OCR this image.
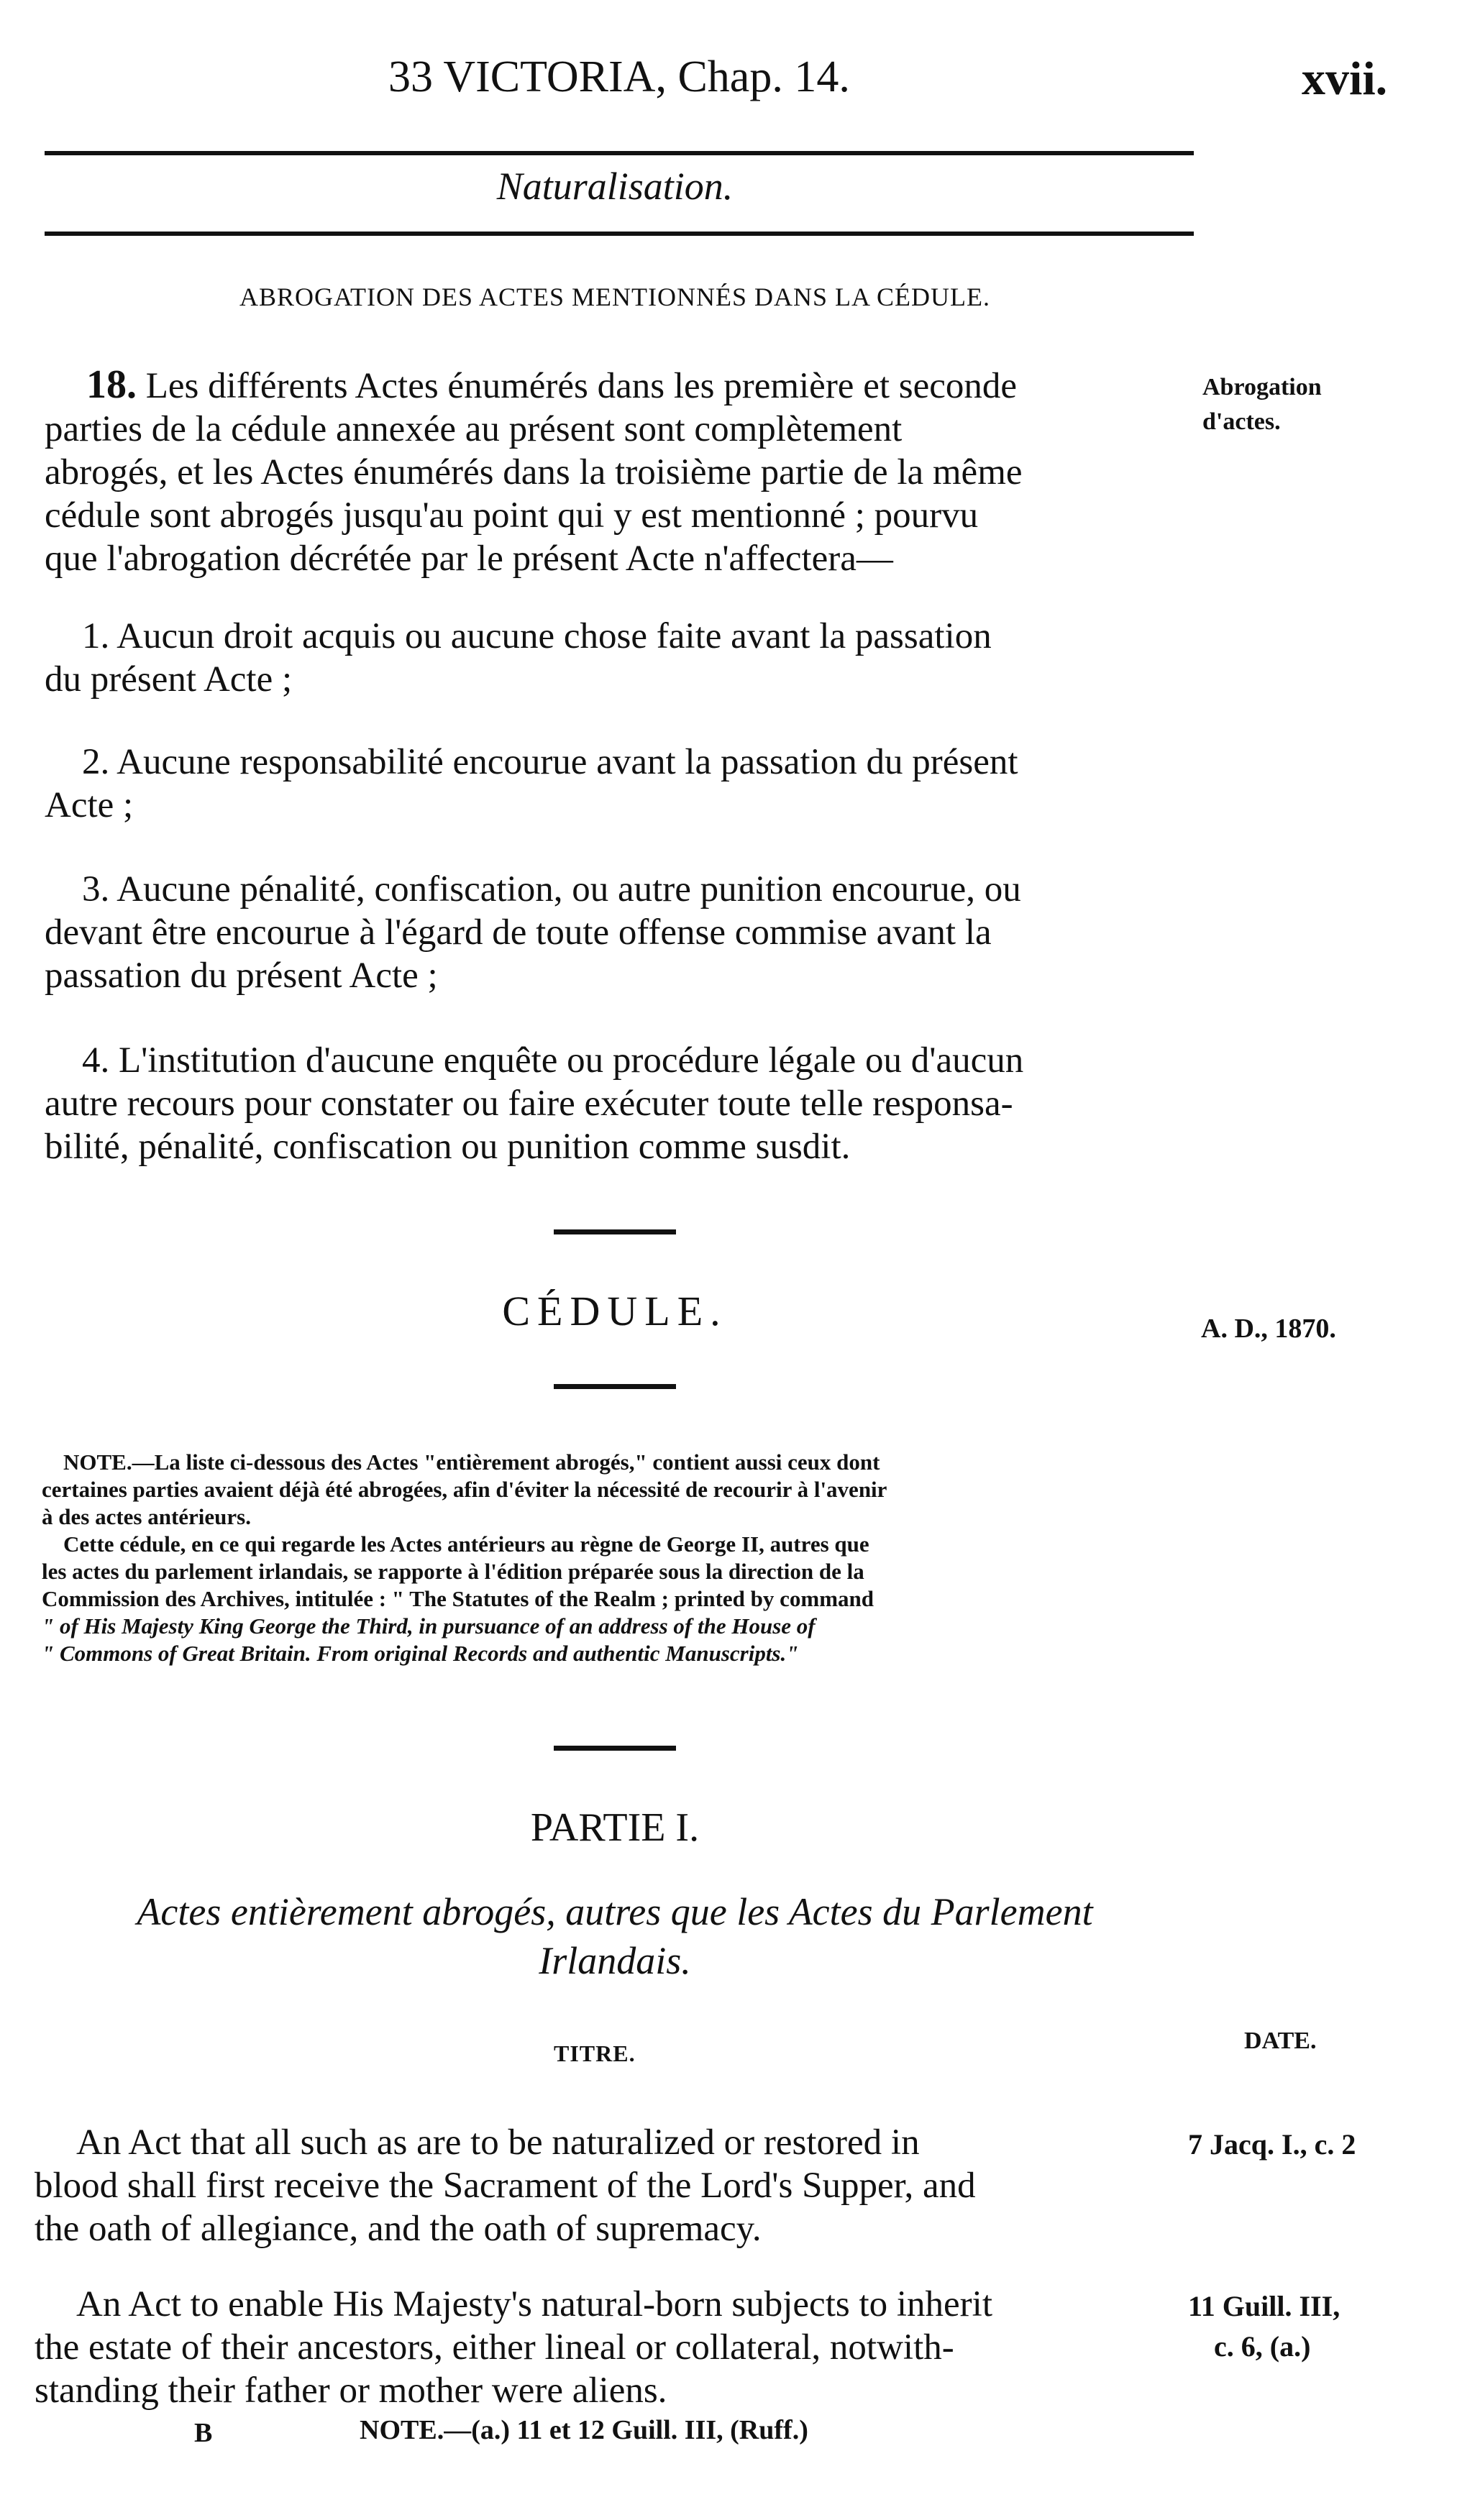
33 VICTORIA, Chap. 14.	xvii.
Naturalisation.
ABROGATION DES ACTES MENTIONNÉS DANS LA CÉDULE.
18. Les différents Actes énumérés dans les première et seconde
parties de la cédule annexée au présent sont complètement
abrogés, et les Actes énumérés dans la troisième partie de la même
cédule sont abrogés jusqu'au point qui y est mentionné ; pourvu
que l'abrogation décrétée par le présent Acte n'affectera—
Abrogation
d'actes.
1. Aucun droit acquis ou aucune chose faite avant la passation
du présent Acte ;
2. Aucune responsabilité encourue avant la passation du présent
Acte ;
3. Aucune pénalité, confiscation, ou autre punition encourue, ou
devant être encourue à l'égard de toute offense commise avant la
passation du présent Acte ;
4. L'institution d'aucune enquête ou procédure légale ou d'aucun
autre recours pour constater ou faire exécuter toute telle responsa-
bilité, pénalité, confiscation ou punition comme susdit.
CÉDULE.	A. D., 1870.
NOTE.—La liste ci-dessous des Actes "entièrement abrogés," contient aussi ceux dont
certaines parties avaient déjà été abrogées, afin d'éviter la nécessité de recourir à l'avenir
à des actes antérieurs.
Cette cédule, en ce qui regarde les Actes antérieurs au règne de George II, autres que
les actes du parlement irlandais, se rapporte à l'édition préparée sous la direction de la
Commission des Archives, intitulée : " The Statutes of the Realm ; printed by command
" of His Majesty King George the Third, in pursuance of an address of the House of
" Commons of Great Britain. From original Records and authentic Manuscripts."
PARTIE I.
Actes entièrement abrogés, autres que les Actes du Parlement
Irlandais.
TITRE.	DATE.
An Act that all such as are to be naturalized or restored in
blood shall first receive the Sacrament of the Lord's Supper, and
the oath of allegiance, and the oath of supremacy.
7 Jacq. I., c. 2
An Act to enable His Majesty's natural-born subjects to inherit
the estate of their ancestors, either lineal or collateral, notwith-
standing their father or mother were aliens.
11 Guill. III,
c. 6, (a.)
B	NOTE.—(a.) 11 et 12 Guill. III, (Ruff.)
